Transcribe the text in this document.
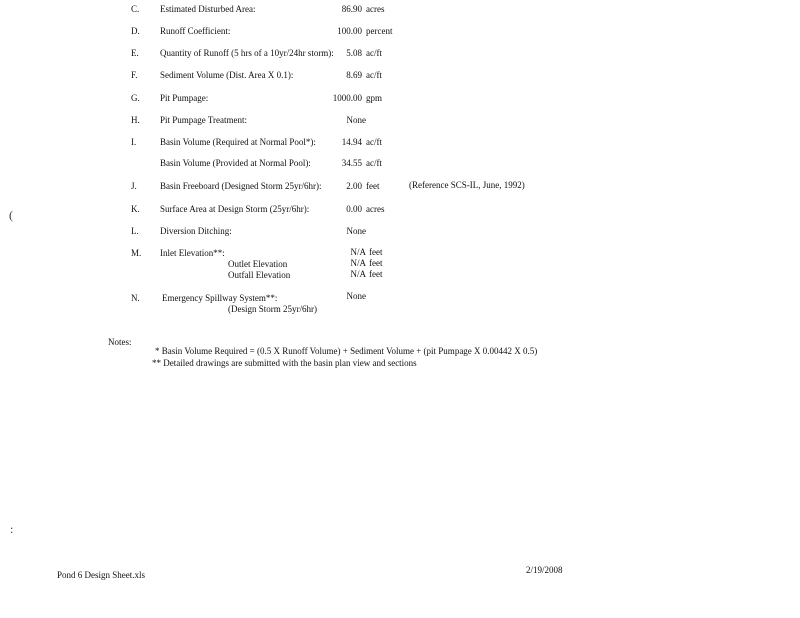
C. Estimated Disturbed Area:	86.90 acres
D. Runoff Coefficient:	100.00 percent
E. Quantity of Runoff (5 hrs of a 10yr/24hr storm):	5.08 ac/ft
F. Sediment Volume (Dist. Area X 0.1):	8.69 ac/ft
G. Pit Pumpage:	1000.00 gpm
H. Pit Pumpage Treatment:	None
I.	Basin Volume (Required at Normal Pool*):	14.94 ac/ft
Basin Volume (Provided at Normal Pool):	34.55 ac/ft
J.	Basin Freeboard (Designed Storm 25yr/6hr):	2.00 feet	(Reference SCS-IL, June, 1992)
K. Surface Area at Design Storm (25yr/6hr):	0.00 acres
L. Diversion Ditching:	None
M. Inlet Elevation**:	N/A feet
Outlet Elevation	N/A feet
Outfall Elevation	N/A feet
N. Emergency Spillway System**:	None
(Design Storm 25yr/6hr)
Notes:
* Basin Volume Required = (0.5 X Runoff Volume) + Sediment Volume + (pit Pumpage X 0.00442 X 0.5)
** Detailed drawings are submitted with the basin plan view and sections
Pond 6 Design Sheet.xls	2/19/2008
(
:
